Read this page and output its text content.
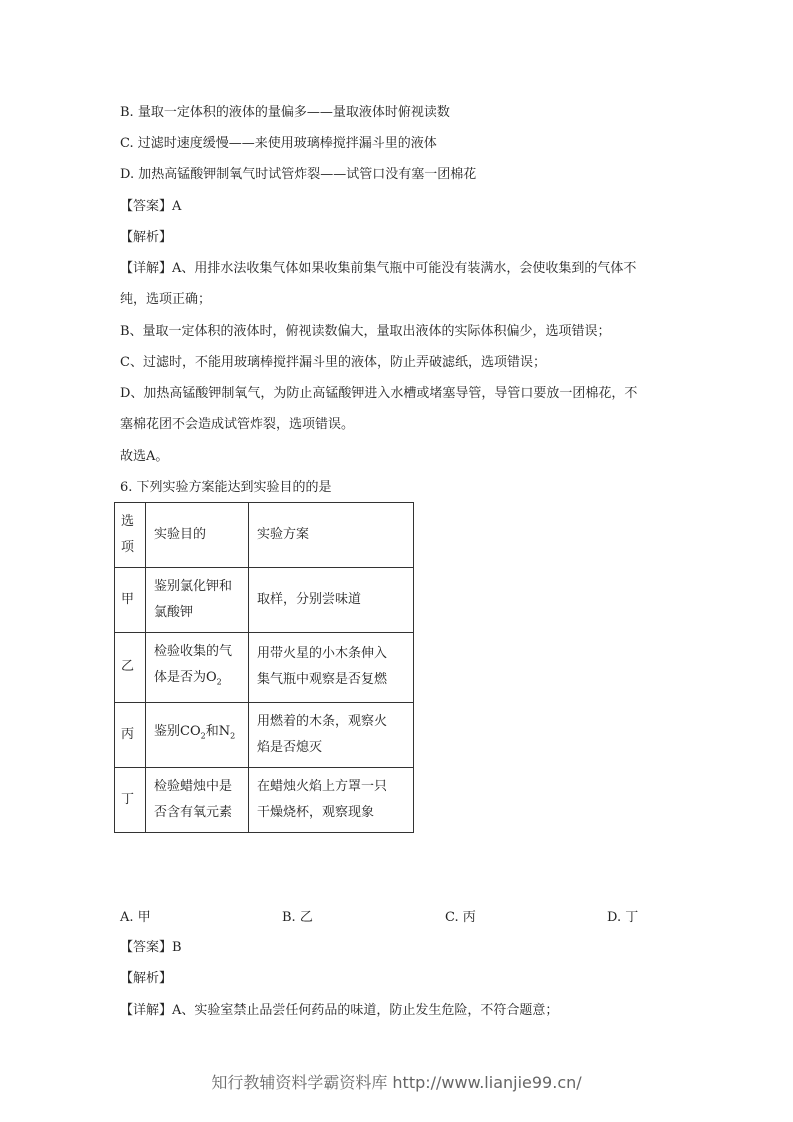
B. 量取一定体积的液体的量偏多——量取液体时俯视读数
C. 过滤时速度缓慢——来使用玻璃棒搅拌漏斗里的液体
D. 加热高锰酸钾制氧气时试管炸裂——试管口没有塞一团棉花
【答案】A
【解析】
【详解】A、用排水法收集气体如果收集前集气瓶中可能没有装满水，会使收集到的气体不
纯，选项正确；
B、量取一定体积的液体时，俯视读数偏大，量取出液体的实际体积偏少，选项错误；
C、过滤时，不能用玻璃棒搅拌漏斗里的液体，防止弄破滤纸，选项错误；
D、加热高锰酸钾制氧气，为防止高锰酸钾进入水槽或堵塞导管，导管口要放一团棉花，不
塞棉花团不会造成试管炸裂，选项错误。
故选A。
6. 下列实验方案能达到实验目的的是
选
项	实验目的	实验方案
甲	鉴别氯化钾和
氯酸钾	取样，分别尝味道
乙	检验收集的气
体是否为$O_2$	用带火星的小木条伸入
集气瓶中观察是否复燃
丙	鉴别$CO_2$和$N_2$	用燃着的木条，观察火
焰是否熄灭
丁	检验蜡烛中是
否含有氧元素	在蜡烛火焰上方罩一只
干燥烧杯，观察现象
A. 甲	B. 乙	C. 丙	D. 丁
【答案】B
【解析】
【详解】A、实验室禁止品尝任何药品的味道，防止发生危险，不符合题意；
知行教辅资料学霸资料库 http://www.lianjie99.cn/
